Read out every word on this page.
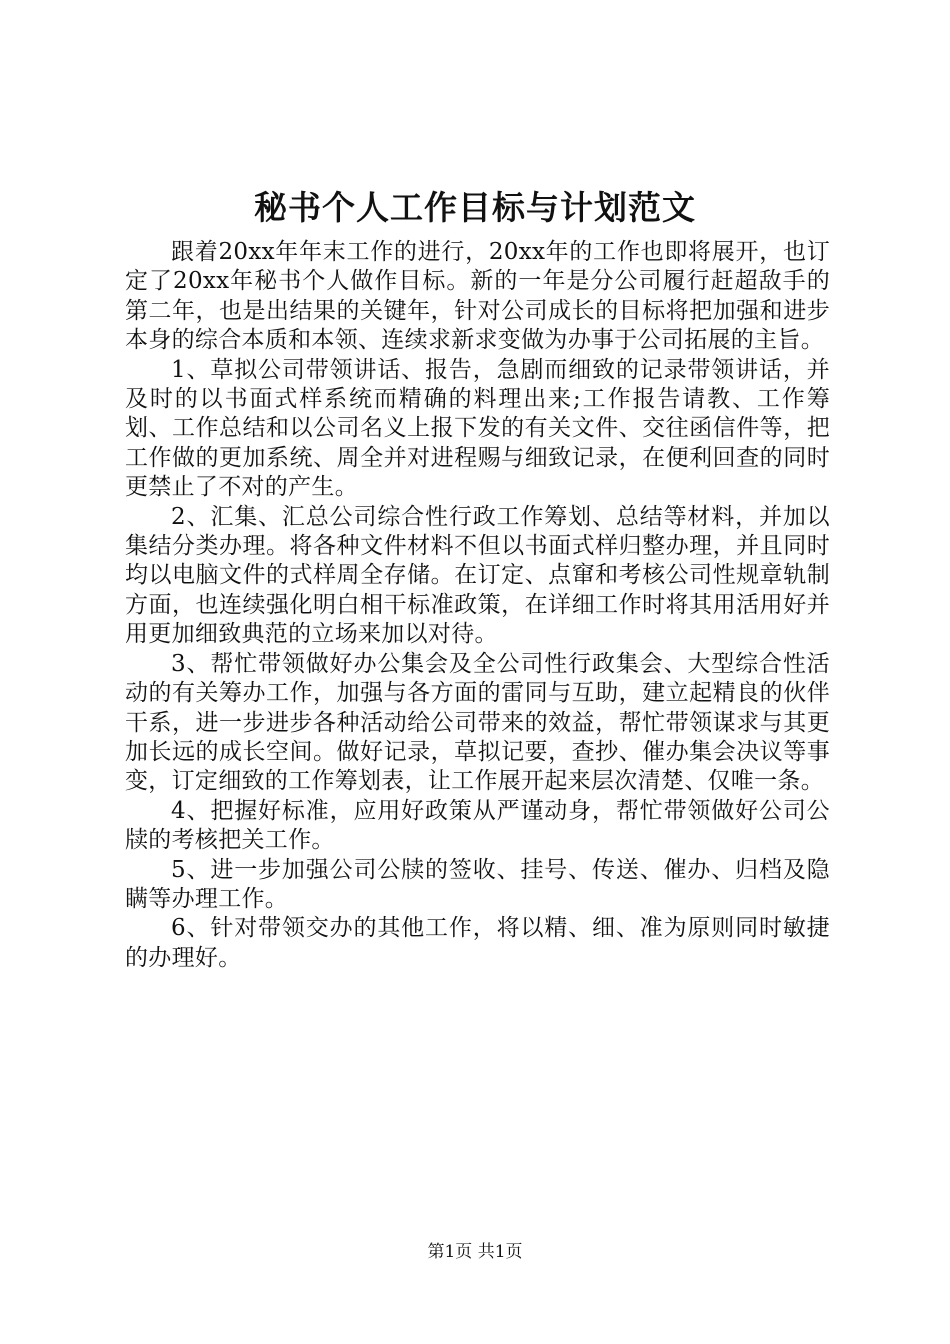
秘书个人工作目标与计划范文

跟着20xx年年末工作的进行，20xx年的工作也即将展开，也订定了20xx年秘书个人做作目标。新的一年是分公司履行赶超敌手的第二年，也是出结果的关键年，针对公司成长的目标将把加强和进步本身的综合本质和本领、连续求新求变做为办事于公司拓展的主旨。

1、草拟公司带领讲话、报告，急剧而细致的记录带领讲话，并及时的以书面式样系统而精确的料理出来;工作报告请教、工作筹划、工作总结和以公司名义上报下发的有关文件、交往函信件等，把工作做的更加系统、周全并对进程赐与细致记录，在便利回查的同时更禁止了不对的产生。

2、汇集、汇总公司综合性行政工作筹划、总结等材料，并加以集结分类办理。将各种文件材料不但以书面式样归整办理，并且同时均以电脑文件的式样周全存储。在订定、点窜和考核公司性规章轨制方面，也连续强化明白相干标准政策，在详细工作时将其用活用好并用更加细致典范的立场来加以对待。

3、帮忙带领做好办公集会及全公司性行政集会、大型综合性活动的有关筹办工作，加强与各方面的雷同与互助，建立起精良的伙伴干系，进一步进步各种活动给公司带来的效益，帮忙带领谋求与其更加长远的成长空间。做好记录，草拟记要，查抄、催办集会决议等事变，订定细致的工作筹划表，让工作展开起来层次清楚、仅唯一条。

4、把握好标准，应用好政策从严谨动身，帮忙带领做好公司公牍的考核把关工作。

5、进一步加强公司公牍的签收、挂号、传送、催办、归档及隐瞒等办理工作。

6、针对带领交办的其他工作，将以精、细、准为原则同时敏捷的办理好。

第1页 共1页
